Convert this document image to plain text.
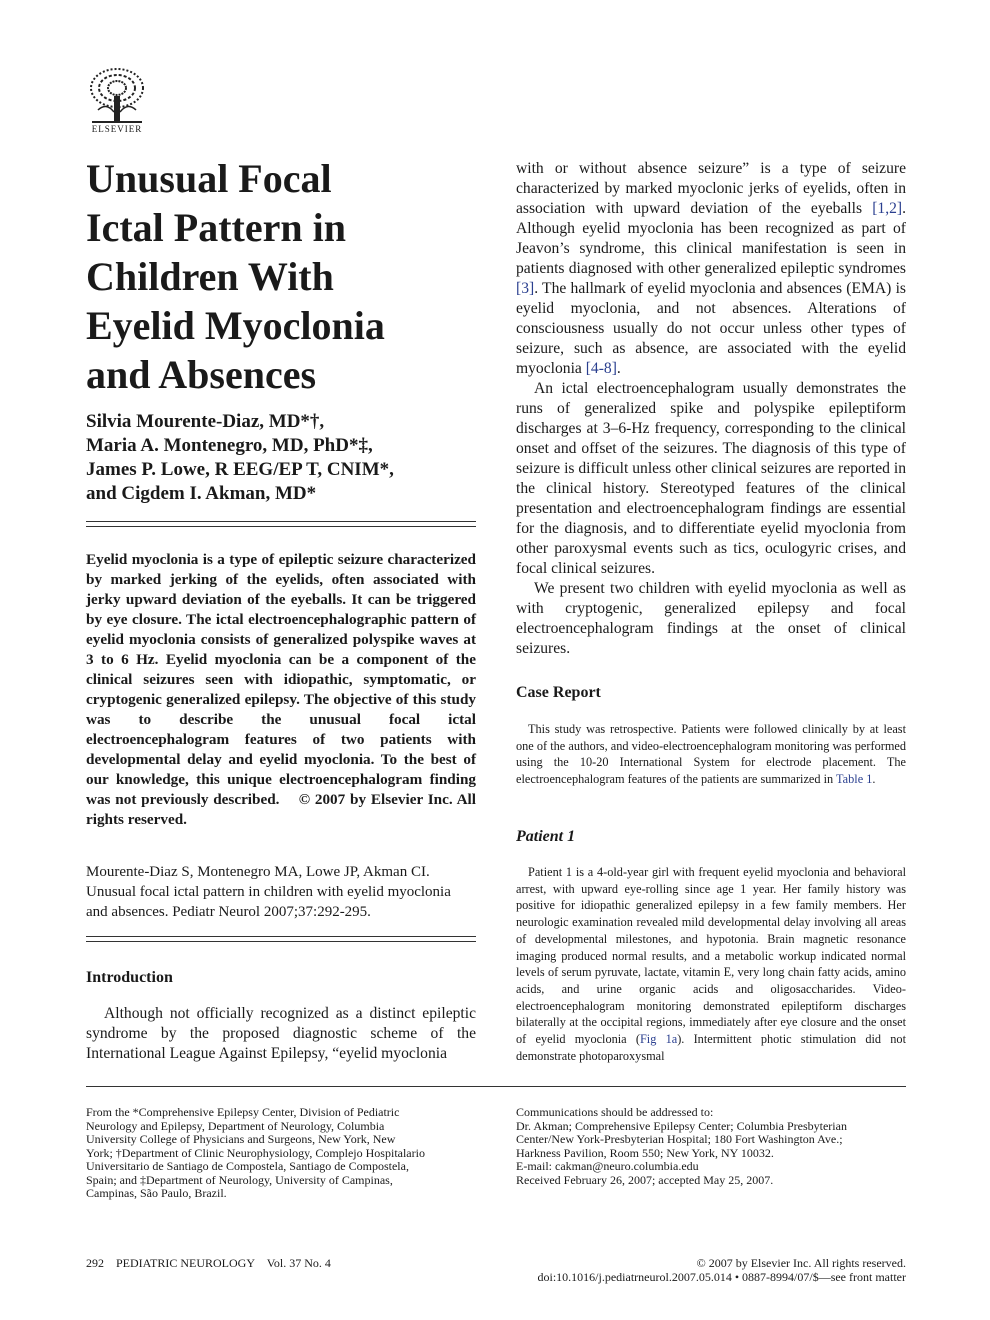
ELSEVIER
Unusual Focal
Ictal Pattern in
Children With
Eyelid Myoclonia
and Absences
Silvia Mourente-Diaz, MD*†,
Maria A. Montenegro, MD, PhD*‡,
James P. Lowe, R EEG/EP T, CNIM*,
and Cigdem I. Akman, MD*

Eyelid myoclonia is a type of epileptic seizure characterized by marked jerking of the eyelids, often associated with jerky upward deviation of the eyeballs. It can be triggered by eye closure. The ictal electroencephalographic pattern of eyelid myoclonia consists of generalized polyspike waves at 3 to 6 Hz. Eyelid myoclonia can be a component of the clinical seizures seen with idiopathic, symptomatic, or cryptogenic generalized epilepsy. The objective of this study was to describe the unusual focal ictal electroencephalogram features of two patients with developmental delay and eyelid myoclonia. To the best of our knowledge, this unique electroencephalogram finding was not previously described. © 2007 by Elsevier Inc. All rights reserved.

Mourente-Diaz S, Montenegro MA, Lowe JP, Akman CI. Unusual focal ictal pattern in children with eyelid myoclonia and absences. Pediatr Neurol 2007;37:292-295.

Introduction

Although not officially recognized as a distinct epileptic syndrome by the proposed diagnostic scheme of the International League Against Epilepsy, “eyelid myoclonia

with or without absence seizure” is a type of seizure characterized by marked myoclonic jerks of eyelids, often in association with upward deviation of the eyeballs [1,2]. Although eyelid myoclonia has been recognized as part of Jeavon’s syndrome, this clinical manifestation is seen in patients diagnosed with other generalized epileptic syndromes [3]. The hallmark of eyelid myoclonia and absences (EMA) is eyelid myoclonia, and not absences. Alterations of consciousness usually do not occur unless other types of seizure, such as absence, are associated with the eyelid myoclonia [4-8].

An ictal electroencephalogram usually demonstrates the runs of generalized spike and polyspike epileptiform discharges at 3–6-Hz frequency, corresponding to the clinical onset and offset of the seizures. The diagnosis of this type of seizure is difficult unless other clinical seizures are reported in the clinical history. Stereotyped features of the clinical presentation and electroencephalogram findings are essential for the diagnosis, and to differentiate eyelid myoclonia from other paroxysmal events such as tics, oculogyric crises, and focal clinical seizures.

We present two children with eyelid myoclonia as well as with cryptogenic, generalized epilepsy and focal electroencephalogram findings at the onset of clinical seizures.

Case Report

This study was retrospective. Patients were followed clinically by at least one of the authors, and video-electroencephalogram monitoring was performed using the 10-20 International System for electrode placement. The electroencephalogram features of the patients are summarized in Table 1.

Patient 1

Patient 1 is a 4-old-year girl with frequent eyelid myoclonia and behavioral arrest, with upward eye-rolling since age 1 year. Her family history was positive for idiopathic generalized epilepsy in a few family members. Her neurologic examination revealed mild developmental delay involving all areas of developmental milestones, and hypotonia. Brain magnetic resonance imaging produced normal results, and a metabolic workup indicated normal levels of serum pyruvate, lactate, vitamin E, very long chain fatty acids, amino acids, and urine organic acids and oligosaccharides. Video-electroencephalogram monitoring demonstrated epileptiform discharges bilaterally at the occipital regions, immediately after eye closure and the onset of eyelid myoclonia (Fig 1a). Intermittent photic stimulation did not demonstrate photoparoxysmal

From the *Comprehensive Epilepsy Center, Division of Pediatric
Neurology and Epilepsy, Department of Neurology, Columbia
University College of Physicians and Surgeons, New York, New
York; †Department of Clinic Neurophysiology, Complejo Hospitalario
Universitario de Santiago de Compostela, Santiago de Compostela,
Spain; and ‡Department of Neurology, University of Campinas,
Campinas, São Paulo, Brazil.
Communications should be addressed to:
Dr. Akman; Comprehensive Epilepsy Center; Columbia Presbyterian
Center/New York-Presbyterian Hospital; 180 Fort Washington Ave.;
Harkness Pavilion, Room 550; New York, NY 10032.
E-mail: cakman@neuro.columbia.edu
Received February 26, 2007; accepted May 25, 2007.
292 PEDIATRIC NEUROLOGY Vol. 37 No. 4	© 2007 by Elsevier Inc. All rights reserved.
doi:10.1016/j.pediatrneurol.2007.05.014 • 0887-8994/07/$—see front matter
